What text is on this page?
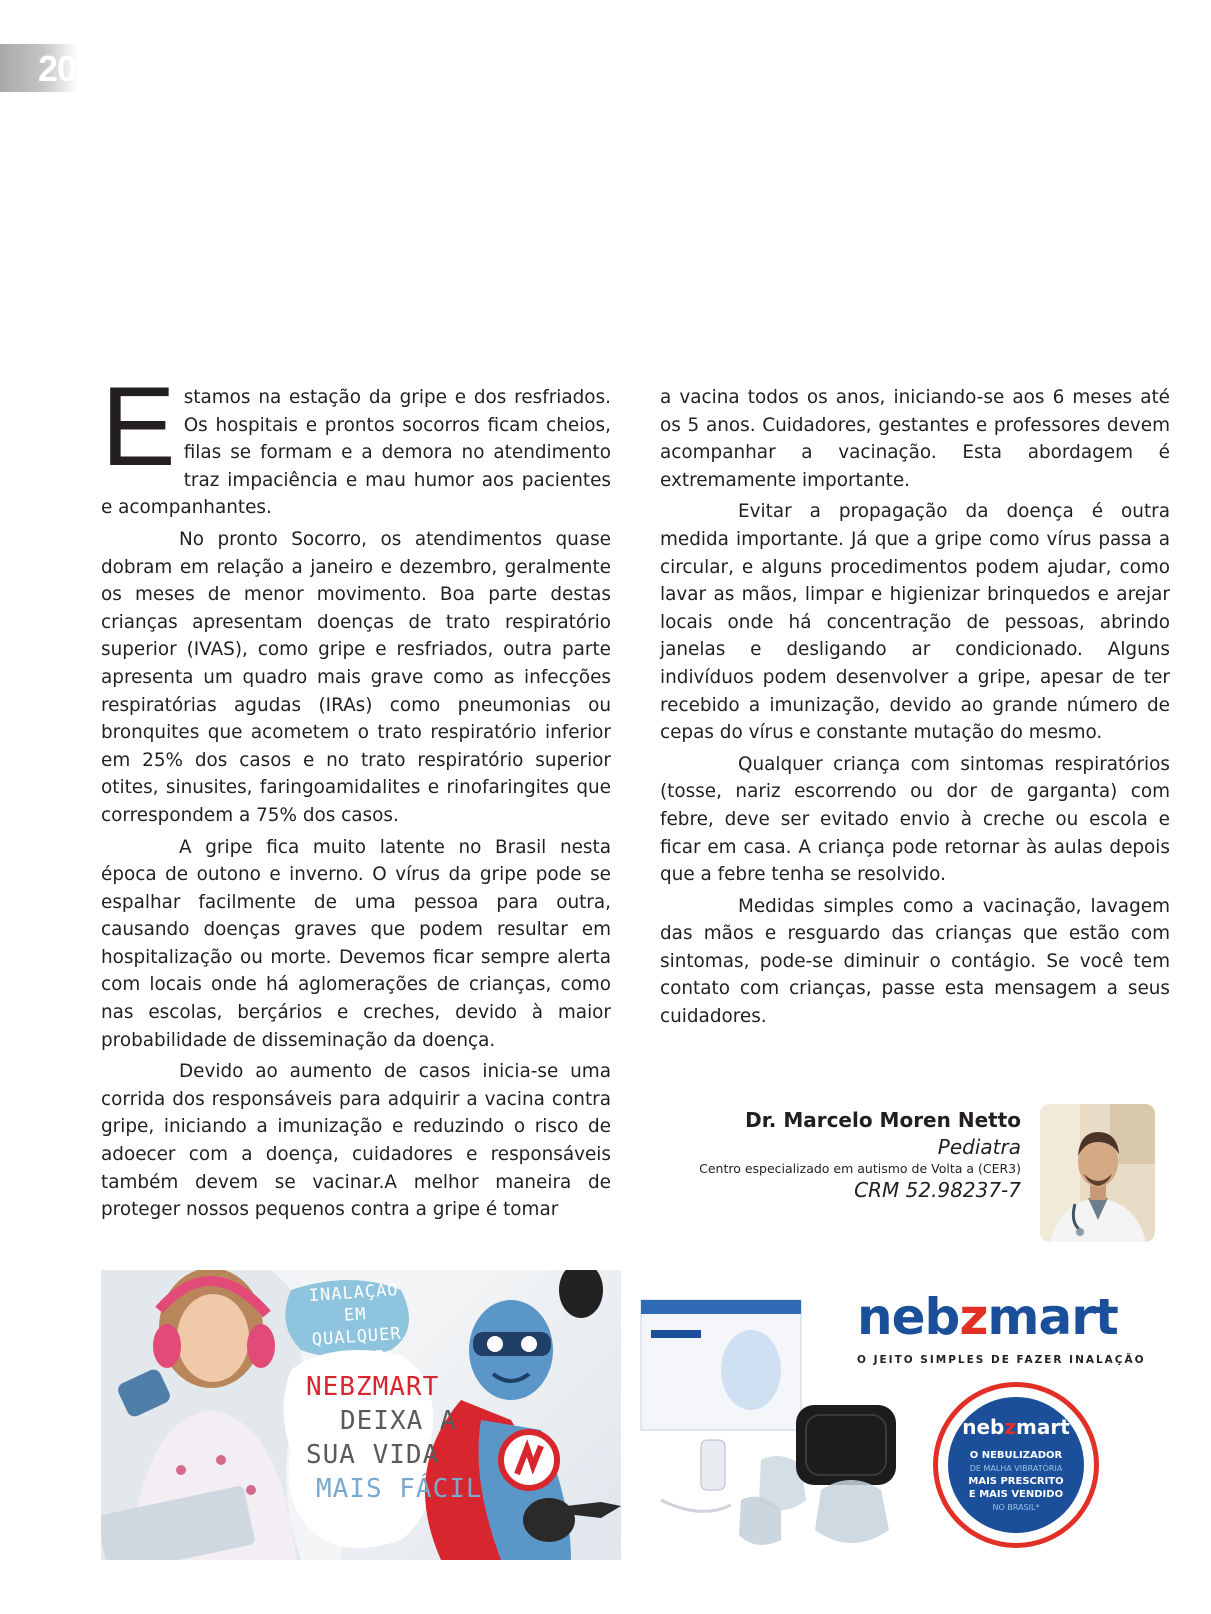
20

Estamos na estação da gripe e dos resfriados. Os hospitais e prontos socorros ficam cheios, filas se formam e a demora no atendimento traz impaciência e mau humor aos pacientes e acompanhantes.

No pronto Socorro, os atendimentos quase dobram em relação a janeiro e dezembro, geralmente os meses de menor movimento. Boa parte destas crianças apresentam doenças de trato respiratório superior (IVAS), como gripe e resfriados, outra parte apresenta um quadro mais grave como as infecções respiratórias agudas (IRAs) como pneumonias ou bronquites que acometem o trato respiratório inferior em 25% dos casos e no trato respiratório superior otites, sinusites, faringoamidalites e rinofaringites que correspondem a 75% dos casos.

A gripe fica muito latente no Brasil nesta época de outono e inverno. O vírus da gripe pode se espalhar facilmente de uma pessoa para outra, causando doenças graves que podem resultar em hospitalização ou morte. Devemos ficar sempre alerta com locais onde há aglomerações de crianças, como nas escolas, berçários e creches, devido à maior probabilidade de disseminação da doença.

Devido ao aumento de casos inicia-se uma corrida dos responsáveis para adquirir a vacina contra gripe, iniciando a imunização e reduzindo o risco de adoecer com a doença, cuidadores e responsáveis também devem se vacinar.A melhor maneira de proteger nossos pequenos contra a gripe é tomar

a vacina todos os anos, iniciando-se aos 6 meses até os 5 anos. Cuidadores, gestantes e professores devem acompanhar a vacinação. Esta abordagem é extremamente importante.

Evitar a propagação da doença é outra medida importante. Já que a gripe como vírus passa a circular, e alguns procedimentos podem ajudar, como lavar as mãos, limpar e higienizar brinquedos e arejar locais onde há concentração de pessoas, abrindo janelas e desligando ar condicionado. Alguns indivíduos podem desenvolver a gripe, apesar de ter recebido a imunização, devido ao grande número de cepas do vírus e constante mutação do mesmo.

Qualquer criança com sintomas respiratórios (tosse, nariz escorrendo ou dor de garganta) com febre, deve ser evitado envio à creche ou escola e ficar em casa. A criança pode retornar às aulas depois que a febre tenha se resolvido.

Medidas simples como a vacinação, lavagem das mãos e resguardo das crianças que estão com sintomas, pode-se diminuir o contágio. Se você tem contato com crianças, passe esta mensagem a seus cuidadores.

Dr. Marcelo Moren Netto
Pediatra
Centro especializado em autismo de Volta a (CER3)
CRM 52.98237-7
INALAÇÃO EM
QUALQUER LUGAR
NEBZMART
DEIXA A
SUA VIDA
MAIS FÁCIL
nebzmart
O JEITO SIMPLES DE FAZER INALAÇÃO
nebzmart
O NEBULIZADOR
DE MALHA VIBRATÓRIA
MAIS PRESCRITO
E MAIS VENDIDO
NO BRASIL*
